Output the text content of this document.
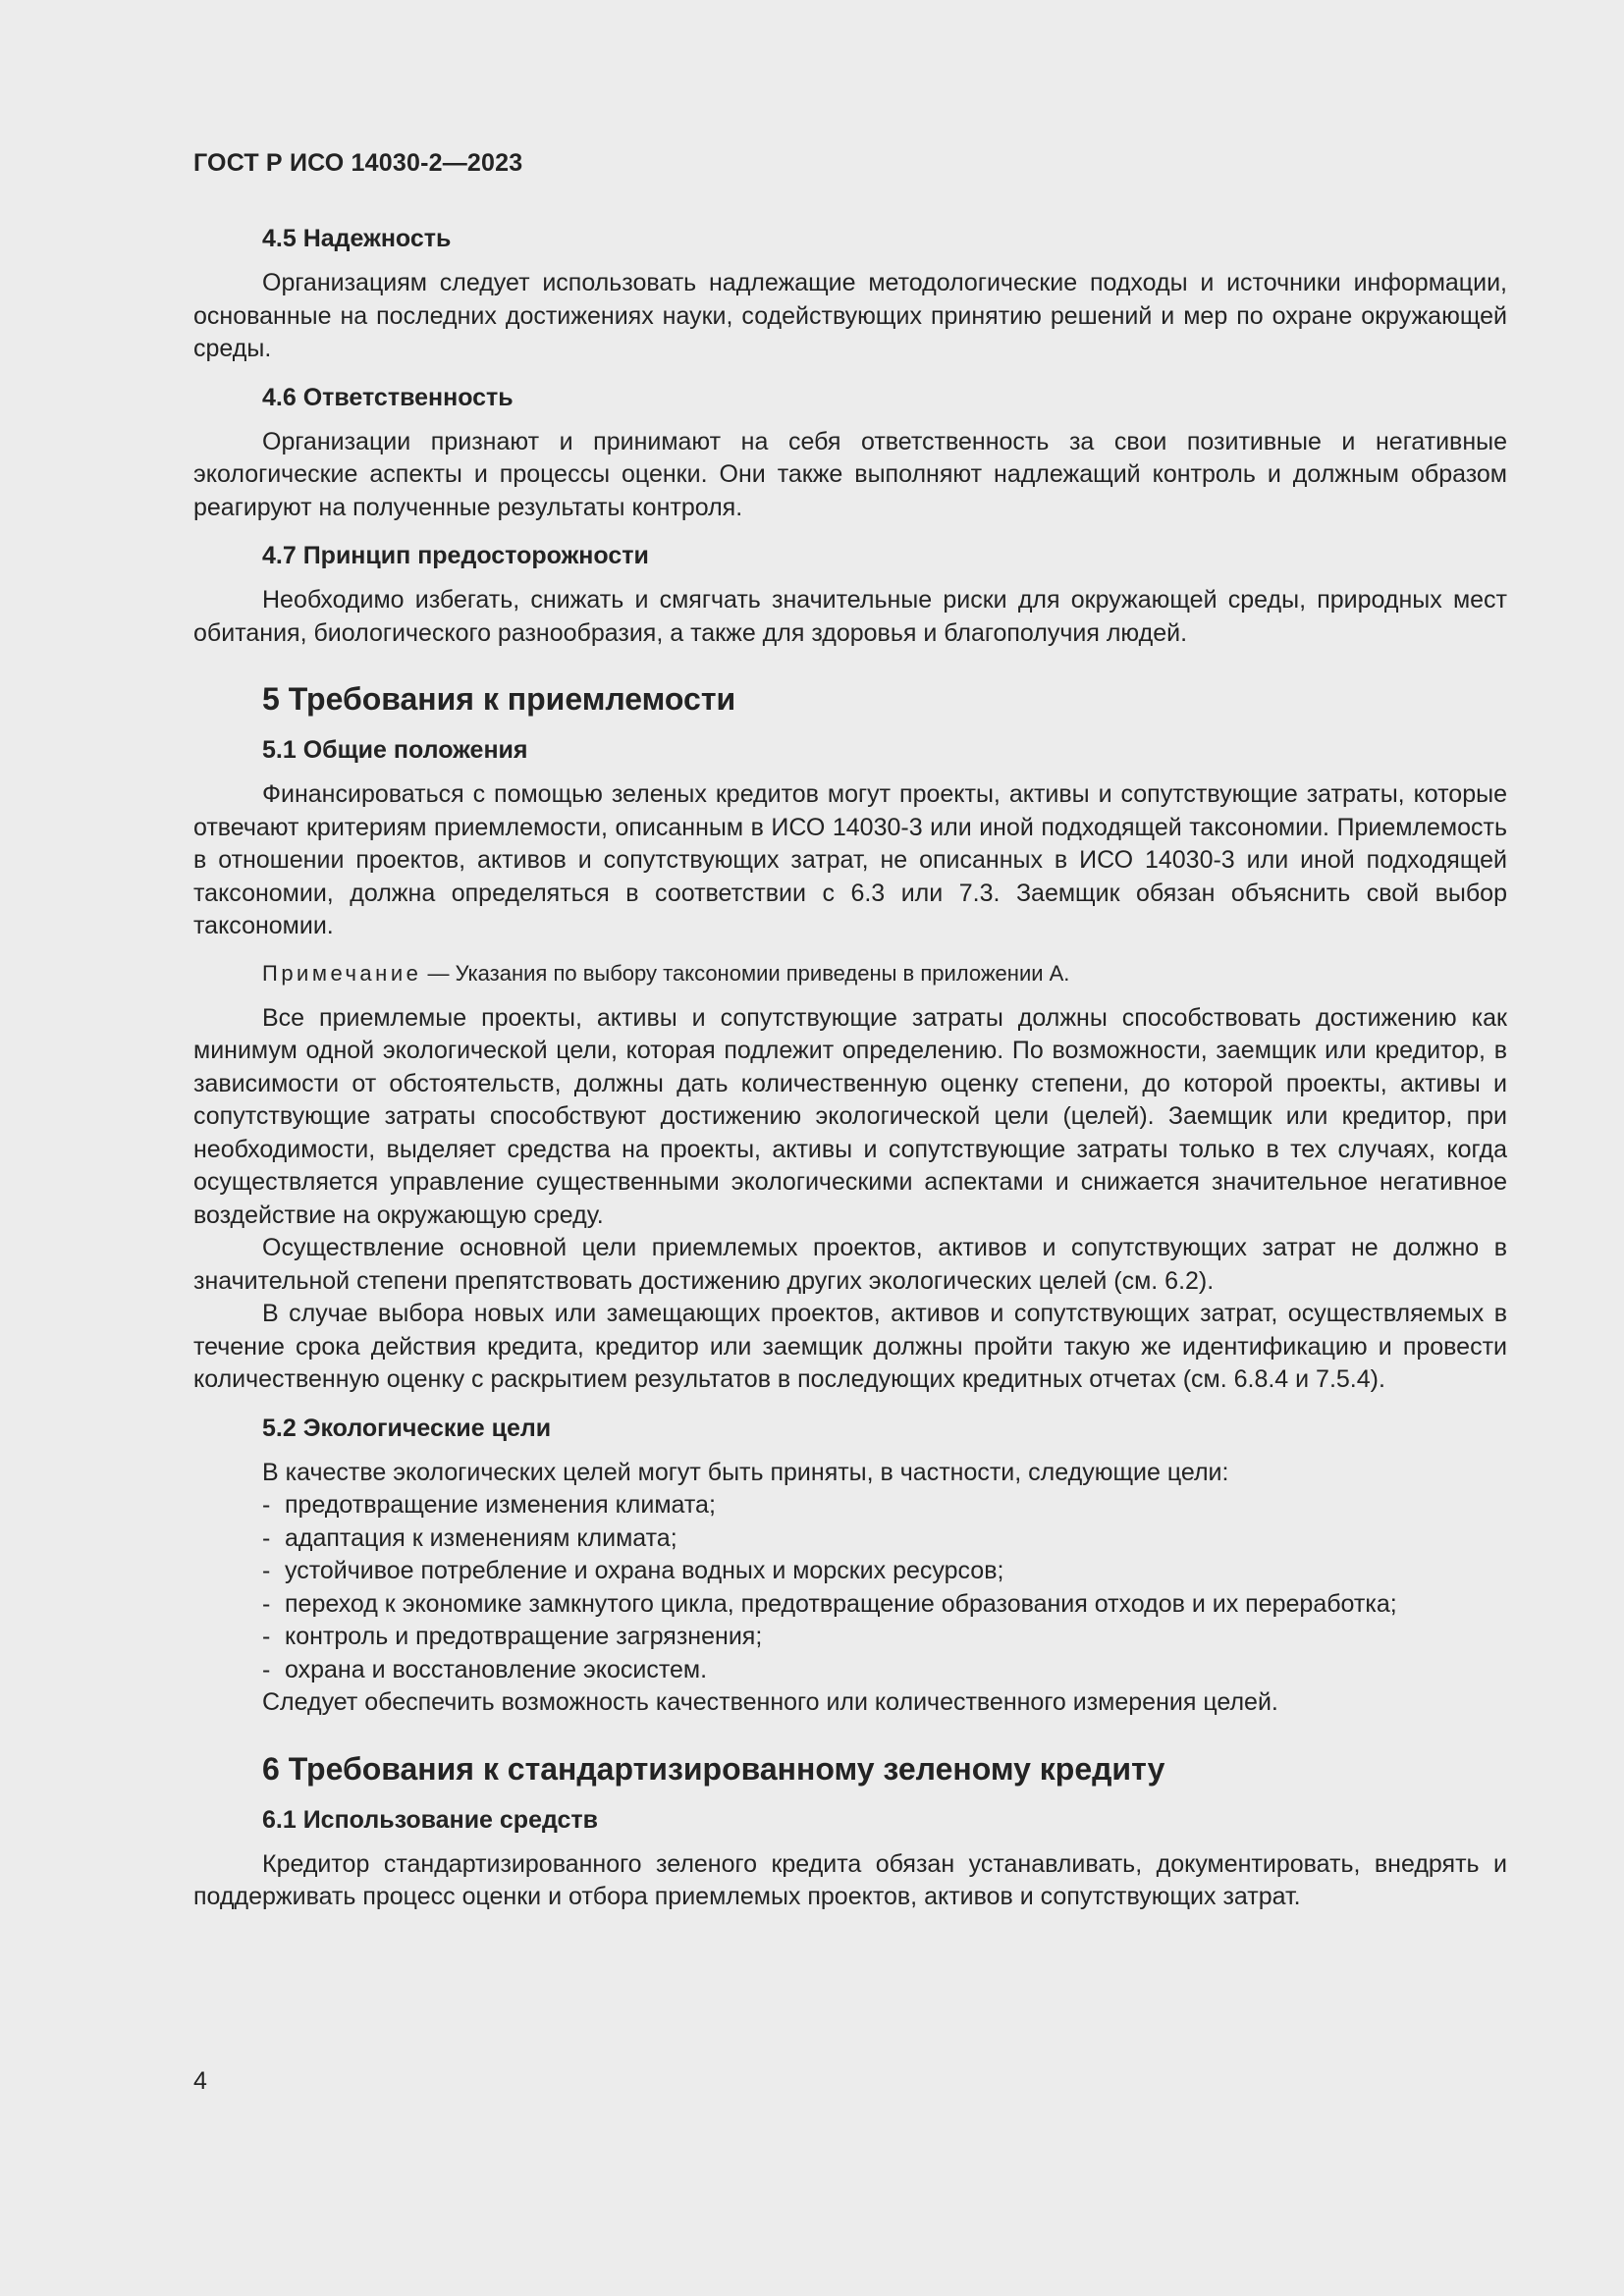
ГОСТ Р ИСО 14030-2—2023

4.5 Надежность

Организациям следует использовать надлежащие методологические подходы и источники информации, основанные на последних достижениях науки, содействующих принятию решений и мер по охране окружающей среды.

4.6 Ответственность

Организации признают и принимают на себя ответственность за свои позитивные и негативные экологические аспекты и процессы оценки. Они также выполняют надлежащий контроль и должным образом реагируют на полученные результаты контроля.

4.7 Принцип предосторожности

Необходимо избегать, снижать и смягчать значительные риски для окружающей среды, природных мест обитания, биологического разнообразия, а также для здоровья и благополучия людей.

5 Требования к приемлемости
5.1 Общие положения

Финансироваться с помощью зеленых кредитов могут проекты, активы и сопутствующие затраты, которые отвечают критериям приемлемости, описанным в ИСО 14030-3 или иной подходящей таксономии. Приемлемость в отношении проектов, активов и сопутствующих затрат, не описанных в ИСО 14030-3 или иной подходящей таксономии, должна определяться в соответствии с 6.3 или 7.3. Заемщик обязан объяснить свой выбор таксономии.

Примечание — Указания по выбору таксономии приведены в приложении А.

Все приемлемые проекты, активы и сопутствующие затраты должны способствовать достижению как минимум одной экологической цели, которая подлежит определению. По возможности, заемщик или кредитор, в зависимости от обстоятельств, должны дать количественную оценку степени, до которой проекты, активы и сопутствующие затраты способствуют достижению экологической цели (целей). Заемщик или кредитор, при необходимости, выделяет средства на проекты, активы и сопутствующие затраты только в тех случаях, когда осуществляется управление существенными экологическими аспектами и снижается значительное негативное воздействие на окружающую среду.

Осуществление основной цели приемлемых проектов, активов и сопутствующих затрат не должно в значительной степени препятствовать достижению других экологических целей (см. 6.2).

В случае выбора новых или замещающих проектов, активов и сопутствующих затрат, осуществляемых в течение срока действия кредита, кредитор или заемщик должны пройти такую же идентификацию и провести количественную оценку с раскрытием результатов в последующих кредитных отчетах (см. 6.8.4 и 7.5.4).

5.2 Экологические цели

В качестве экологических целей могут быть приняты, в частности, следующие цели:

- предотвращение изменения климата;
- адаптация к изменениям климата;
- устойчивое потребление и охрана водных и морских ресурсов;
- переход к экономике замкнутого цикла, предотвращение образования отходов и их переработка;
- контроль и предотвращение загрязнения;
- охрана и восстановление экосистем.

Следует обеспечить возможность качественного или количественного измерения целей.

6 Требования к стандартизированному зеленому кредиту
6.1 Использование средств

Кредитор стандартизированного зеленого кредита обязан устанавливать, документировать, внедрять и поддерживать процесс оценки и отбора приемлемых проектов, активов и сопутствующих затрат.

4
